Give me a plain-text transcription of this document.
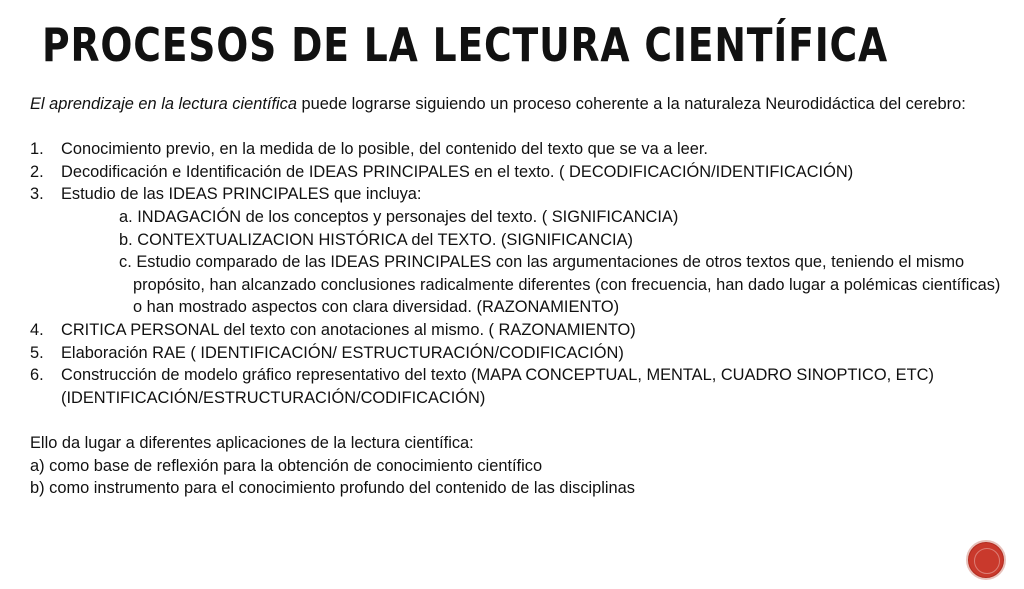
PROCESOS DE LA LECTURA CIENTÍFICA

El aprendizaje en la lectura científica puede lograrse siguiendo un proceso coherente a la naturaleza Neurodidáctica del cerebro:

1. Conocimiento previo, en la medida de lo posible, del contenido del texto que se va a leer.
2. Decodificación e Identificación de IDEAS PRINCIPALES en el texto. ( DECODIFICACIÓN/IDENTIFICACIÓN)
3. Estudio de las IDEAS PRINCIPALES que incluya:
a. INDAGACIÓN de los conceptos y personajes del texto. ( SIGNIFICANCIA)
b. CONTEXTUALIZACION HISTÓRICA del TEXTO. (SIGNIFICANCIA)
c. Estudio comparado de las IDEAS PRINCIPALES con las argumentaciones de otros textos que, teniendo el mismo propósito, han alcanzado conclusiones radicalmente diferentes (con frecuencia, han dado lugar a polémicas científicas) o han mostrado aspectos con clara diversidad. (RAZONAMIENTO)
4. CRITICA PERSONAL del texto con anotaciones al mismo. ( RAZONAMIENTO)
5. Elaboración RAE ( IDENTIFICACIÓN/ ESTRUCTURACIÓN/CODIFICACIÓN)
6. Construcción de modelo gráfico representativo del texto (MAPA CONCEPTUAL, MENTAL, CUADRO SINOPTICO, ETC) (IDENTIFICACIÓN/ESTRUCTURACIÓN/CODIFICACIÓN)

Ello da lugar a diferentes aplicaciones de la lectura científica:

a) como base de reflexión para la obtención de conocimiento científico

b) como instrumento para el conocimiento profundo del contenido de las disciplinas
